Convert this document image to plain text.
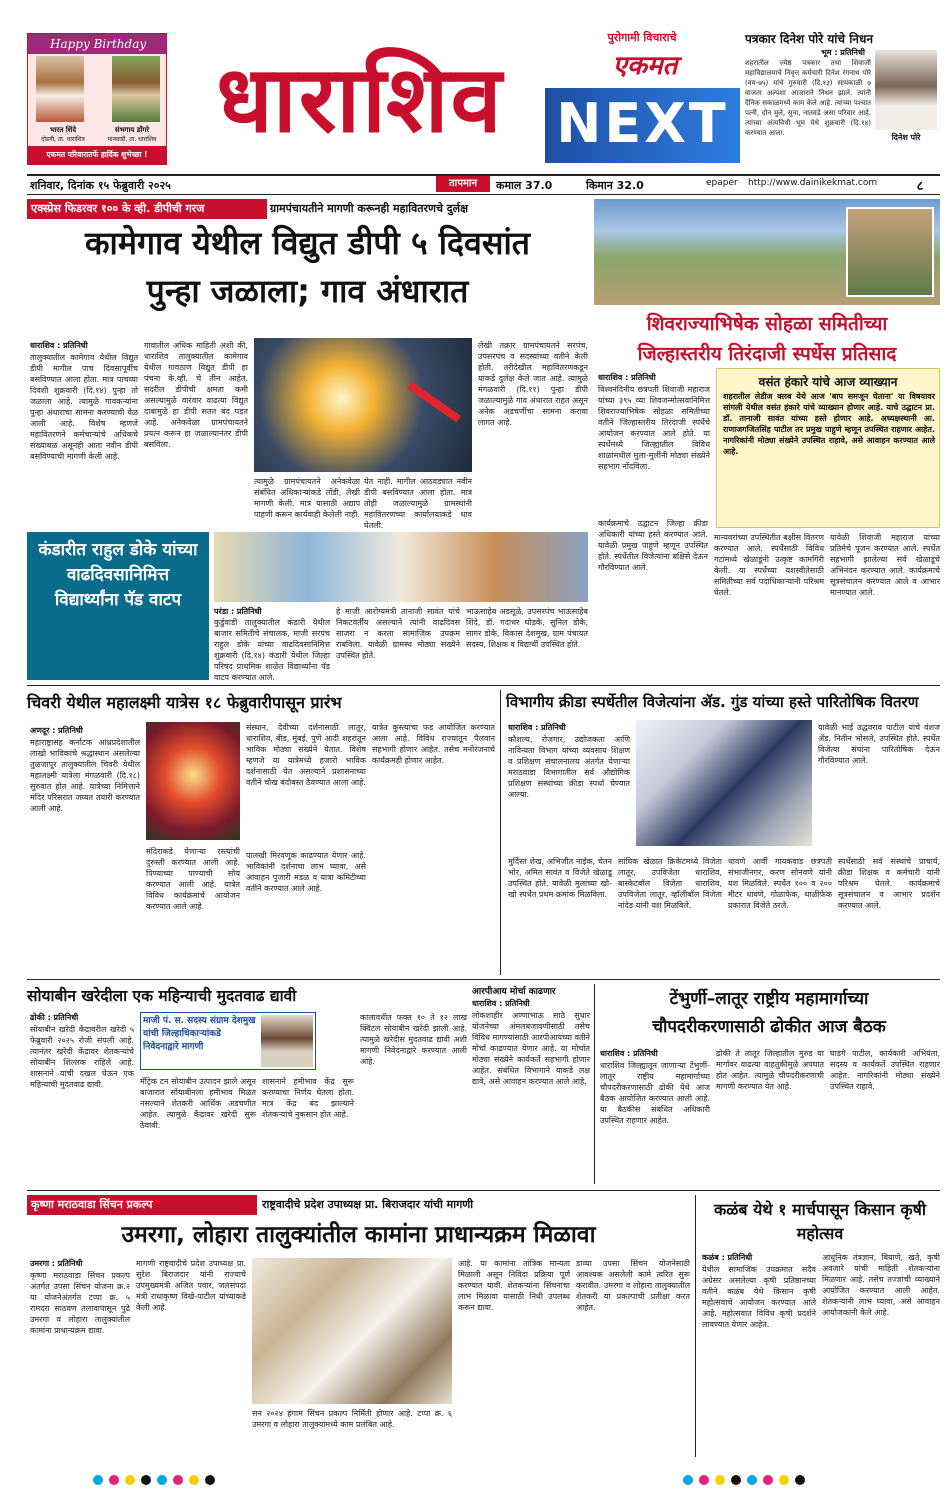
Happy Birthday
भारत शिंदे
दोडगी, ता. धाराशिव
संभगाय डोंगरे
पानवाडी, ता. धाराशिव
एकमत परिवारातर्फे हार्दिक शुभेच्छा !
धाराशिव
पुरोगामी विचाराचे
एकमत
NEXT
पत्रकार दिनेश पोरे यांचे निधन
भूम : प्रतिनिधी
शहरातील ज्येष्ठ पत्रकार तथा शिवाजी महाविद्यालयाचे निवृत्त कर्मचारी दिनेश रंगनाथ पोरे (वय-७५) यांचे गुरुवारी (दि.१३) सायंकाळी ७ वाजता अल्पशा आजाराने निधन झाले. त्यांनी दैनिक सकाळमध्ये काम केले आहे. त्यांच्या पश्चात पत्नी, दोन मुले, सुना, नातवंडे असा परिवार आहे. त्यांच्या अंत्यविधी भूम येथे शुक्रवारी (दि.१४) करण्यात आला.	दिनेश पोरे
शनिवार, दिनांक १५ फेब्रुवारी २०२५	तापमान	कमाल 37.0	किमान 32.0	epaper	http://www.dainikekmat.com	८
एक्स्प्रेस फिडरवर १०० के व्ही. डीपीची गरज	ग्रामपंचायतीने मागणी करूनही महावितरणचे दुर्लक्ष
कामेगाव येथील विद्युत डीपी ५ दिवसांत
पुन्हा जळाला; गाव अंधारात
धाराशिव : प्रतिनिधी
तालुक्यातील कामेगाव येथील विद्युत डीपी मागील पाच दिवसापूर्वीच बसविण्यात आला होता. मात्र पाचव्या दिवशी शुक्रवारी (दि.१४) पुन्हा तो जळाला आहे. त्यामुळे गावकऱ्यांना पुन्हा अंधाराचा सामना करण्याची वेळ आली आहे. विशेष म्हणजे महावितरणने कर्मचाऱ्यांचे अधिकचे संख्याबळ असूनही आता नवीन डीपी बसविण्याची मागणी केली आहे.
गावातील अधिक माहिती अशी की, धाराशिव तालुक्यातील कामेगाव येथील गावठाण विद्युत डीपी हा पंचना के.व्ही. चे तीन आहेत. सदरील डीपीची क्षमता कमी असल्यामुळे वारंवार वाढत्या विद्युत दाबामुळे हा डीपी सतत बंद पडत आहे. अनेकवेळा ग्रामपंचायतने प्रयत्न करून हा जळाल्यानंतर डीपी बसविला.
त्यामुळे ग्रामपंचायतने अनेकवेळा संबंधित अधिकाऱ्यांकडे तोंडी, लेखी मागणी केली. मात्र यासाठी अद्याप पाहणी करून कार्यवाही केलेली नाही.
येत नाही. मागील आठवड्यात नवीन डीपी बसविण्यात आला होता. मात्र तोही जळाल्यामुळे ग्रामस्थांनी महावितरणच्या कार्यालयाकडे धाव घेतली.
लेखी तक्रार ग्रामपंचायतने सरपंच, उपसरपंच व सदस्यांच्या वतीने केली होती. तरीदेखील महावितरणकडून याकडे दुर्लक्ष केले जात आहे. त्यामुळे मंगळवारी (दि.११) पुन्हा डीपी जळाल्यामुळे गाव अंधारात राहत असून अनेक अडचणींचा सामना करावा लागत आहे.
शिवराज्याभिषेक सोहळा समितीच्या
जिल्हास्तरीय तिरंदाजी स्पर्धेस प्रतिसाद
धाराशिव : प्रतिनिधी
विश्वनंदिनीय छत्रपती शिवाजी महाराज यांच्या ३९५ व्या शिवजन्मोत्सवानिमित्त शिवराज्याभिषेक सोहळा समितीच्या वतीने जिल्हास्तरीय तिरंदाजी स्पर्धेचे आयोजन करण्यात आले होते. या स्पर्धेमध्ये जिल्ह्यातील विविध शाळांमधील मुला-मुलींनी मोठ्या संख्येने सहभाग नोंदविला.
वसंत हंकारे यांचे आज व्याख्यान
शहरातील लेडीज क्लब येथे आज 'बाप समजून घेताना' या विषयावर सांगली येथील वसंत हंकारे यांचे व्याख्यान होणार आहे. याचे उद्घाटन प्रा. डॉ. तानाजी सावंत यांच्या हस्ते होणार आहे. अध्यक्षस्थानी आ. राणाजगजितसिंह पाटील तर प्रमुख पाहुणे म्हणून उपस्थित राहणार आहेत. नागरिकांनी मोठ्या संख्येने उपस्थित राहावे, असे आवाहन करण्यात आले आहे.
कार्यक्रमाचे उद्घाटन जिल्हा क्रीडा अधिकारी यांच्या हस्ते करण्यात आले. यावेळी प्रमुख पाहुणे म्हणून उपस्थित होते. स्पर्धेतील विजेत्यांना बक्षिसे देऊन गौरविण्यात आले.
मान्यवरांच्या उपस्थितीत बक्षीस वितरण करण्यात आले. स्पर्धेसाठी विविध गटांमध्ये खेळाडूंनी उत्कृष्ट कामगिरी केली. या स्पर्धेच्या यशस्वीतेसाठी समितीच्या सर्व पदाधिकाऱ्यांनी परिश्रम घेतले.
यावेळी शिवाजी महाराज यांच्या प्रतिमेचे पूजन करण्यात आले. स्पर्धेत सहभागी झालेल्या सर्व खेळाडूंचे अभिनंदन करण्यात आले. कार्यक्रमाचे सूत्रसंचालन करण्यात आले व आभार मानण्यात आले.
कंडारीत राहुल डोके यांच्या वाढदिवसानिमित्त विद्यार्थ्यांना पॅड वाटप
परंडा : प्रतिनिधी
कुर्डुवाडी तालुक्यातील कंडारी येथील बाजार समितीचे संचालक, माजी सरपंच राहुल डोके यांच्या वाढदिवसानिमित्त शुक्रवारी (दि.१४) कंडारी येथील जिल्हा परिषद प्राथमिक शाळेत विद्यार्थ्यांना पॅड वाटप करण्यात आले.
हे माजी आरोग्यमंत्री तानाजी सावंत यांचे निकटवर्तीय असल्याने त्यांनी वाढदिवस साजरा न करता सामाजिक उपक्रम राबविला. यावेळी ग्रामस्थ मोठ्या संख्येने उपस्थित होते.
भाऊसाहेब अडसूळे, उपसरपंच भाऊसाहेब शिंदे, डॉ. गदाधर घोडके, सुनिल डोके, सागर डोके, विकास देशमुख, ग्राम पंचायत सदस्य, शिक्षक व विद्यार्थी उपस्थित होते.
चिवरी येथील महालक्ष्मी यात्रेस १८ फेब्रुवारीपासून प्रारंभ
अणदूर : प्रतिनिधी
महाराष्ट्रासह कर्नाटक आंध्रप्रदेशातील लाखो भाविकांचे श्रद्धास्थान असलेल्या तुळजापूर तालुक्यातील चिवरी येथील महालक्ष्मी यात्रेला मंगळवारी (दि.१८) सुरुवात होत आहे. यात्रेच्या निमित्ताने मंदिर परिसरात जय्यत तयारी करण्यात आली आहे.
मंदिराकडे येणाऱ्या रस्त्यांची दुरुस्ती करण्यात आली आहे. पिण्याच्या पाण्याची सोय करण्यात आली आहे. यात्रेत विविध कार्यक्रमांचे आयोजन करण्यात आले आहे.
संस्थान, देवीच्या दर्शनासाठी लातूर, धाराशिव, बीड, मुंबई, पुणे आदी शहरांतून भाविक मोठ्या संख्येने येतात. विशेष म्हणजे या यात्रेमध्ये हजारो भाविक दर्शनासाठी येत असल्याने प्रशासनाच्या वतीने चोख बंदोबस्त ठेवण्यात आला आहे.
पालखी मिरवणूक काढण्यात येणार आहे. भाविकांनी दर्शनाचा लाभ घ्यावा, असे आवाहन पुजारी मंडळ व यात्रा कमिटीच्या वतीने करण्यात आले आहे.
यात्रेत कुस्त्यांचा फड आयोजित करण्यात आला आहे. विविध राज्यांतून पैलवान सहभागी होणार आहेत. तसेच मनोरंजनाचे कार्यक्रमही होणार आहेत.
विभागीय क्रीडा स्पर्धेतील विजेत्यांना ॲड. गुंड यांच्या हस्ते पारितोषिक वितरण
धाराशिव : प्रतिनिधी
कौशल्य, रोजगार, उद्योजकता आणि नाविन्यता विभाग यांच्या व्यवसाय शिक्षण व प्रशिक्षण संचालनालय अंतर्गत येणाऱ्या मराठवाडा विभागातील सर्व औद्योगिक प्रशिक्षण संस्थांच्या क्रीडा स्पर्धा घेण्यात आल्या.
यावेळी भाई उद्धवराव पाटील यांचे वंशज ॲड. नितीन भोसले, उपस्थित होते. स्पर्धेत विजेत्या संघांना पारितोषिक देऊन गौरविण्यात आले.
मुर्दिस्त शेख, अभिजीत नाईक, चेतन भोर, अमित सावंत व विजेते खेळाडू उपस्थित होते. यावेळी मुलांच्या खो-खो स्पर्धेत प्रथम क्रमांक मिळविला.
सांघिक खेळात क्रिकेटमध्ये विजेता लातूर, उपविजेता धाराशिव, बास्केटबॉल विजेता धाराशिव, उपविजेता लातूर, व्हॉलीबॉल विजेता नांदेड यांनी यश मिळविले.
धावणे आर्वी गायकवाड छत्रपती संभाजीनगर, करण सोनवणे यांनी यश मिळविले. स्पर्धेत १०० व २०० मीटर धावणे, गोळाफेक, थाळीफेक प्रकारात विजेते ठरले.
स्पर्धेसाठी सर्व संस्थांचे प्राचार्य, क्रीडा शिक्षक व कर्मचारी यांनी परिश्रम घेतले. कार्यक्रमाचे सूत्रसंचालन व आभार प्रदर्शन करण्यात आले.
सोयाबीन खरेदीला एक महिन्याची मुदतवाढ द्यावी
ढोकी : प्रतिनिधी
सोयाबीन खरेदी केंद्रावरील खरेदी ५ फेब्रुवारी २०२५ रोजी संपली आहे. त्यानंतर खरेदी केंद्रावर शेतकऱ्यांचे सोयाबीन शिल्लक राहिले आहे. शासनाने याची दखल घेऊन एक महिन्याची मुदतवाढ द्यावी.
माजी पं. स. सदस्य संग्राम देशमुख यांची जिल्हाधिकाऱ्यांकडे निवेदनाद्वारे मागणी
मॅट्रिक टन सोयाबीन उत्पादन झाले असून बाजारात सोयाबीनला हमीभाव मिळत नसल्याने शेतकरी आर्थिक अडचणीत आहेत. त्यामुळे केंद्रावर खरेदी सुरू ठेवावी.
शासनाने हमीभाव केंद्र सुरू करण्याचा निर्णय घेतला होता. मात्र केंद्र बंद झाल्याने शेतकऱ्यांचे नुकसान होत आहे.
कालावधीत फक्त १० ते १२ लाख क्विंटल सोयाबीन खरेदी झाली आहे. त्यामुळे खरेदीस मुदतवाढ द्यावी अशी मागणी निवेदनाद्वारे करण्यात आली आहे.
आरपीआय मोर्चा काढणार
धाराशिव : प्रतिनिधी
लोकशाहीर अण्णाभाऊ साठे सुधार योजनेच्या अंमलबजावणीसाठी तसेच विविध मागण्यांसाठी आरपीआयच्या वतीने मोर्चा काढण्यात येणार आहे. या मोर्चात मोठ्या संख्येने कार्यकर्ते सहभागी होणार आहेत. संबंधित विभागाने याकडे लक्ष द्यावे, असे आवाहन करण्यात आले आहे.
टेंभुर्णी–लातूर राष्ट्रीय महामार्गाच्या
चौपदरीकरणासाठी ढोकीत आज बैठक
धाराशिव : प्रतिनिधी
धाराशिव जिल्ह्यातून जाणाऱ्या टेंभुर्णी-लातूर राष्ट्रीय महामार्गाच्या चौपदरीकरणासाठी ढोकी येथे आज बैठक आयोजित करण्यात आली आहे. या बैठकीस संबंधित अधिकारी उपस्थित राहणार आहेत.
ढोकी ते लातूर जिल्हातील मुरुड या मार्गावर वाढत्या वाहतुकीमुळे अपघात होत आहेत. त्यामुळे चौपदरीकरणाची मागणी करण्यात येत आहे.
घाडगे पाटील, कार्यकारी अभियंता, सदस्य व कार्यकर्ते उपस्थित राहणार आहेत. नागरिकांनी मोठ्या संख्येने उपस्थित राहावे.
कृष्णा मराठवाडा सिंचन प्रकल्प	राष्ट्रवादीचे प्रदेश उपाध्यक्ष प्रा. बिराजदार यांची मागणी
उमरगा, लोहारा तालुक्यांतील कामांना प्राधान्यक्रम मिळावा
उमरगा : प्रतिनिधी
कृष्णा मराठवाडा सिंचन प्रकल्प अंतर्गत उपसा सिंचन योजना क्र.२ या योजनेअंतर्गत टप्पा क्र. ५ रामदरा साठवण तलावापासून पुढे उमरगा व लोहारा तालुक्यांतील कामांना प्राधान्यक्रम द्यावा.
मागणी राष्ट्रवादीचे प्रदेश उपाध्यक्ष प्रा. सुरेश बिराजदार यांनी राज्याचे उपमुख्यमंत्री अजित पवार, जलसंपदा मंत्री राधाकृष्ण विखे-पाटील यांच्याकडे केली आहे.
सन २०२४ हंगाम सिंचन प्रकल्प निर्मिती होणार आहे. टप्पा क्र. ६ उमरगा व लोहारा तालुक्यांमध्ये काम प्रलंबित आहे.
आहे. या कामांना तांत्रिक मान्यता मिळाली असून निविदा प्रक्रिया पूर्ण करण्यात यावी. शेतकऱ्यांना सिंचनाचा लाभ मिळावा यासाठी निधी उपलब्ध करून द्यावा.
डाव्या उपसा सिंचन योजनेसाठी आवश्यक असलेली कामे त्वरित सुरू करावीत. उमरगा व लोहारा तालुक्यातील शेतकरी या प्रकल्पाची प्रतीक्षा करत आहेत.
कळंब येथे १ मार्चपासून किसान कृषी महोत्सव
कळंब : प्रतिनिधी
येथील सामाजिक उपक्रमात सदैव अग्रेसर असलेल्या कृषी प्रतिष्ठानच्या वतीने कळंब येथे किसान कृषी महोत्सवाचे आयोजन करण्यात आले आहे. महोत्सवात विविध कृषी प्रदर्शने लावण्यात येणार आहेत.
आधुनिक तंत्रज्ञान, बियाणे, खते, कृषी अवजारे यांची माहिती शेतकऱ्यांना मिळणार आहे. तसेच तज्ज्ञांची व्याख्याने आयोजित करण्यात आली आहेत. शेतकऱ्यांनी लाभ घ्यावा, असे आवाहन आयोजकांनी केले आहे.
